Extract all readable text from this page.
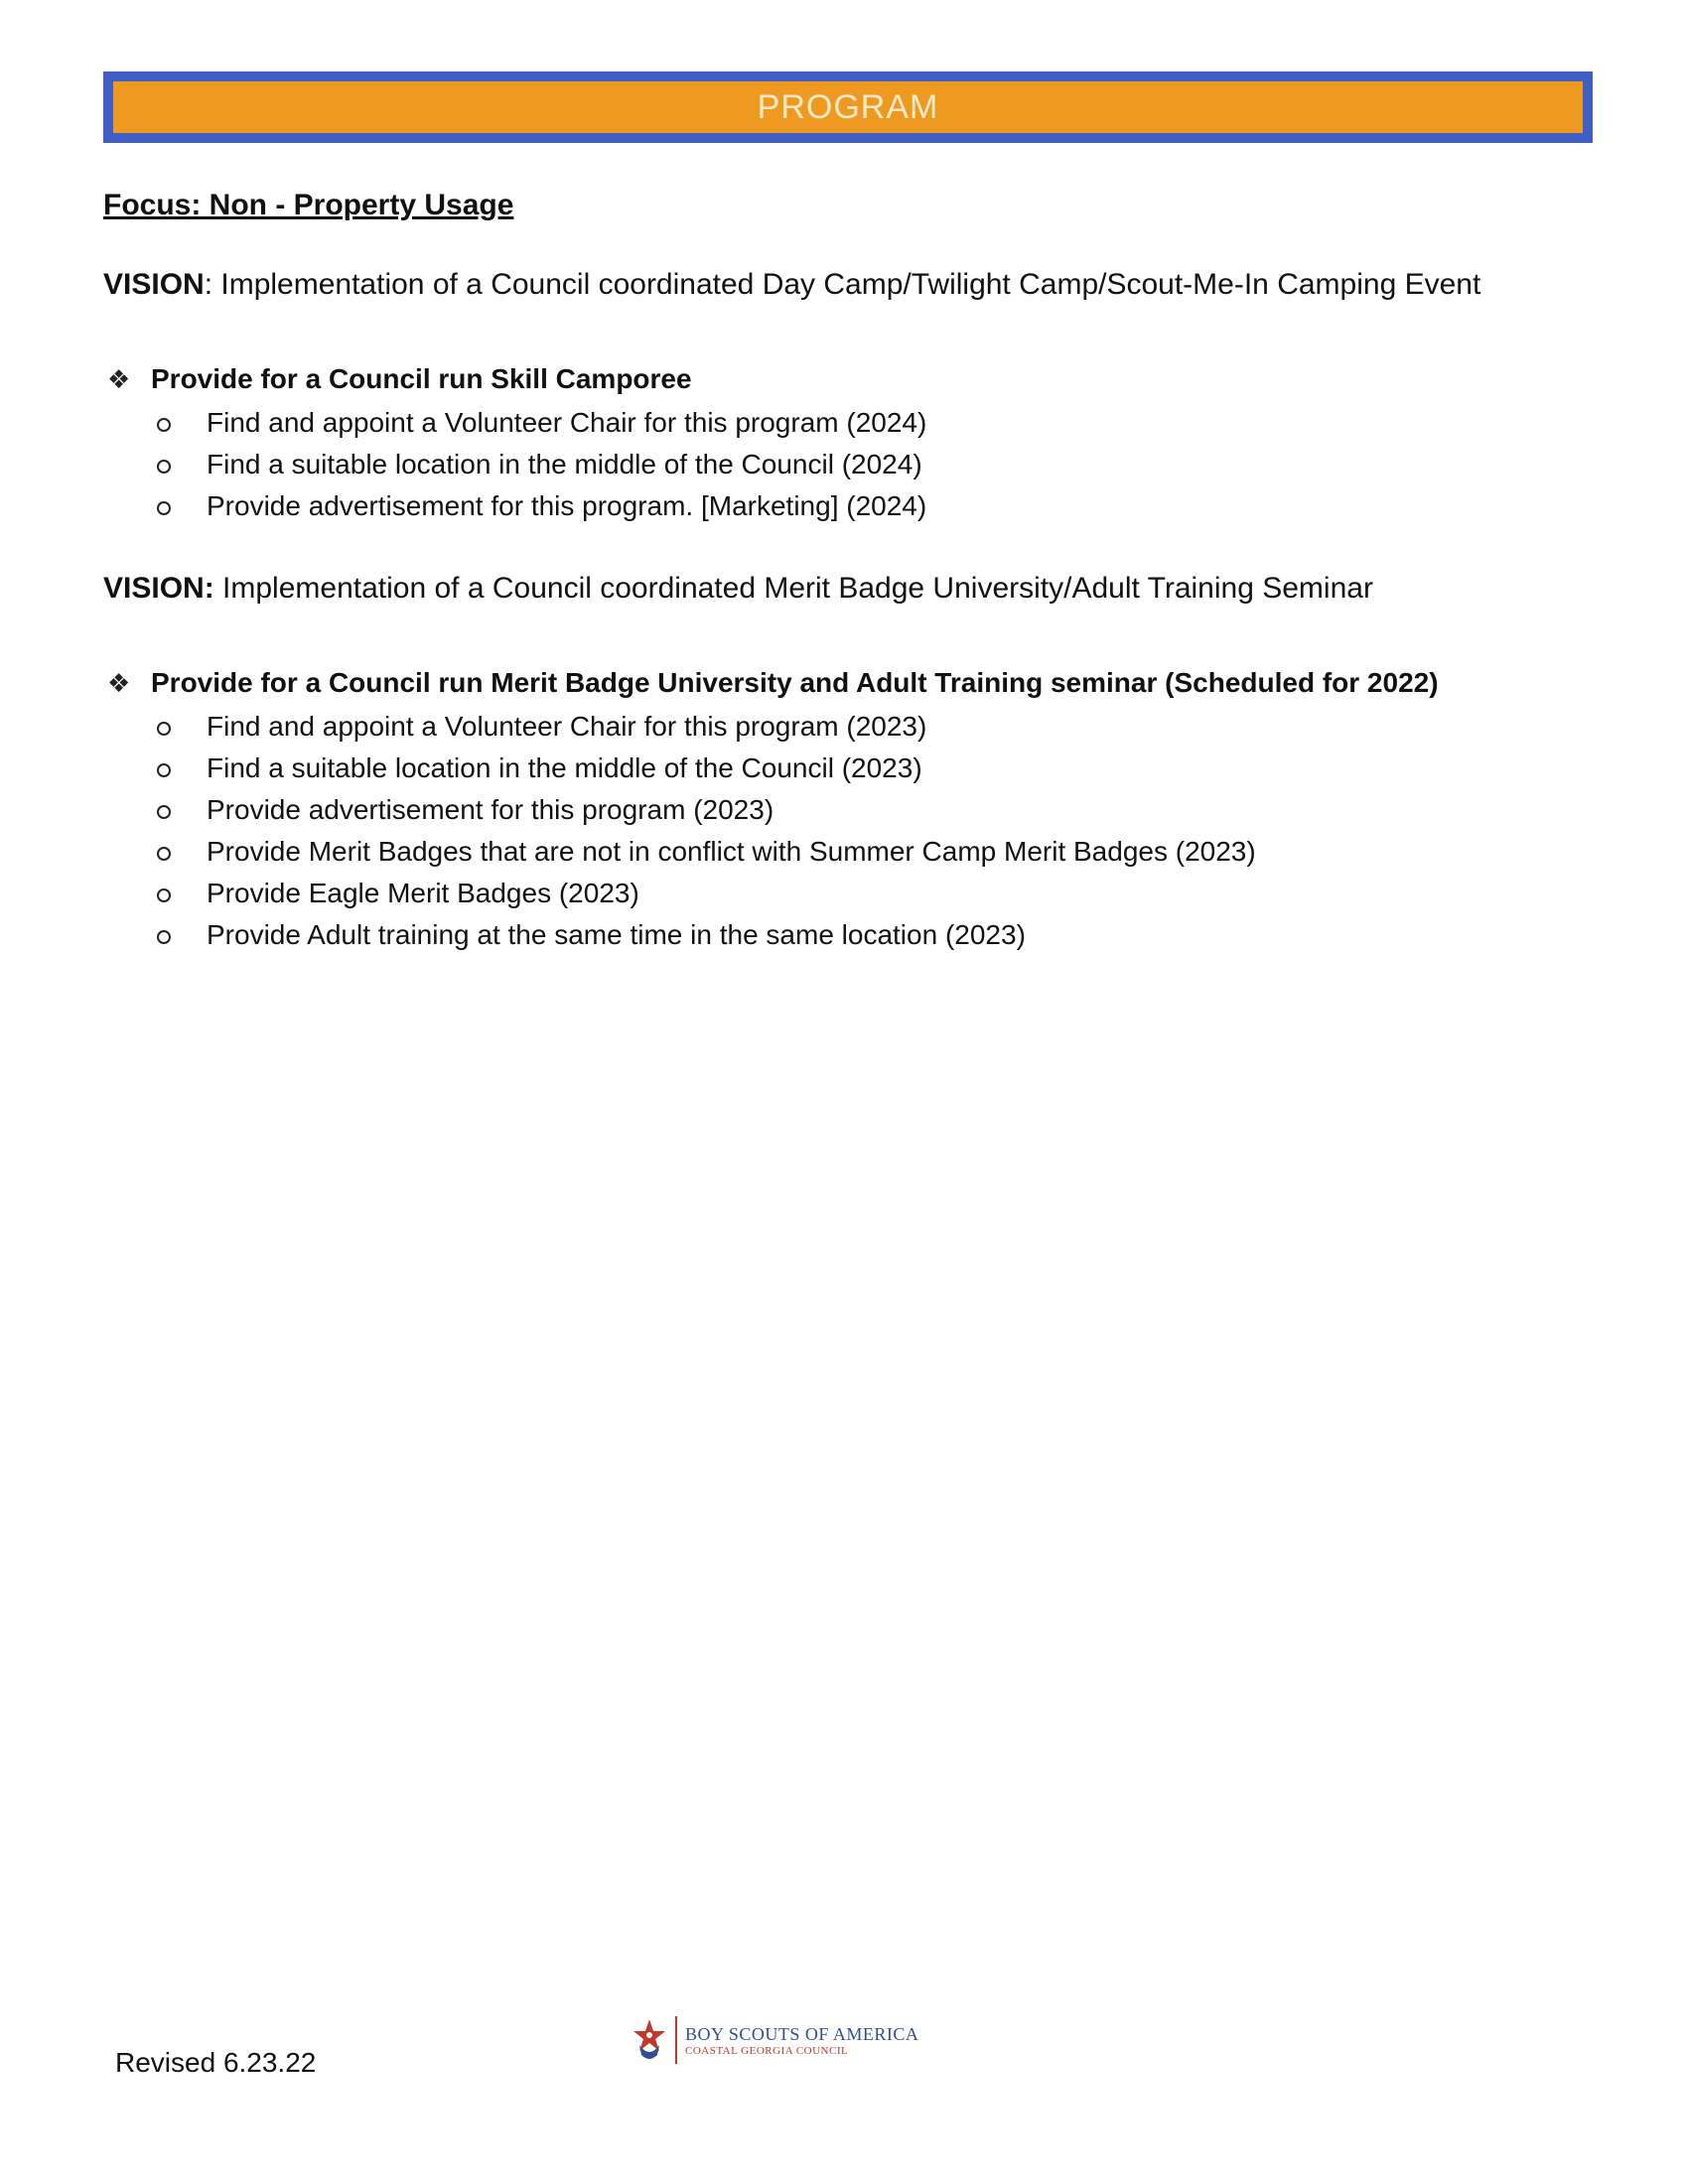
PROGRAM
Focus: Non - Property Usage
VISION: Implementation of a Council coordinated Day Camp/Twilight Camp/Scout-Me-In Camping Event
❖ Provide for a Council run Skill Camporee
Find and appoint a Volunteer Chair for this program (2024)
Find a suitable location in the middle of the Council (2024)
Provide advertisement for this program. [Marketing] (2024)
VISION: Implementation of a Council coordinated Merit Badge University/Adult Training Seminar
❖ Provide for a Council run Merit Badge University and Adult Training seminar (Scheduled for 2022)
Find and appoint a Volunteer Chair for this program (2023)
Find a suitable location in the middle of the Council (2023)
Provide advertisement for this program (2023)
Provide Merit Badges that are not in conflict with Summer Camp Merit Badges (2023)
Provide Eagle Merit Badges (2023)
Provide Adult training at the same time in the same location (2023)
Revised 6.23.22
BOY SCOUTS OF AMERICA
COASTAL GEORGIA COUNCIL
